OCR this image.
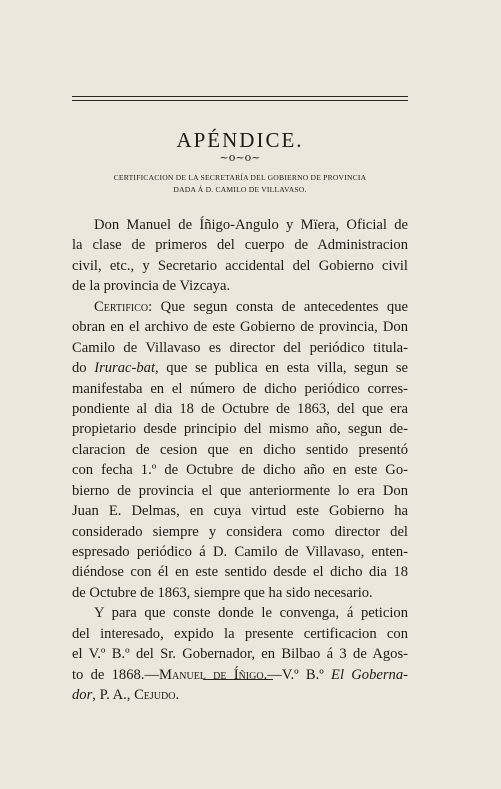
APÉNDICE.
~o~o~
CERTIFICACION DE LA SECRETARÍA DEL GOBIERNO DE PROVINCIA
DADA Á D. CAMILO DE VILLAVASO.
Don Manuel de Íñigo-Angulo y Mïera, Oficial de
la clase de primeros del cuerpo de Administracion
civil, etc., y Secretario accidental del Gobierno civil
de la provincia de Vizcaya.
Certifico: Que segun consta de antecedentes que
obran en el archivo de este Gobierno de provincia, Don
Camilo de Villavaso es director del periódico titula-
do Irurac-bat, que se publica en esta villa, segun se
manifestaba en el número de dicho periódico corres-
pondiente al dia 18 de Octubre de 1863, del que era
propietario desde principio del mismo año, segun de-
claracion de cesion que en dicho sentido presentó
con fecha 1.º de Octubre de dicho año en este Go-
bierno de provincia el que anteriormente lo era Don
Juan E. Delmas, en cuya virtud este Gobierno ha
considerado siempre y considera como director del
espresado periódico á D. Camilo de Villavaso, enten-
diéndose con él en este sentido desde el dicho dia 18
de Octubre de 1863, siempre que ha sido necesario.
Y para que conste donde le convenga, á peticion
del interesado, expido la presente certificacion con
el V.º B.º del Sr. Gobernador, en Bilbao á 3 de Agos-
to de 1868.—Manuel de Íñigo.—V.º B.º El Goberna-
dor, P. A., Cejudo.
